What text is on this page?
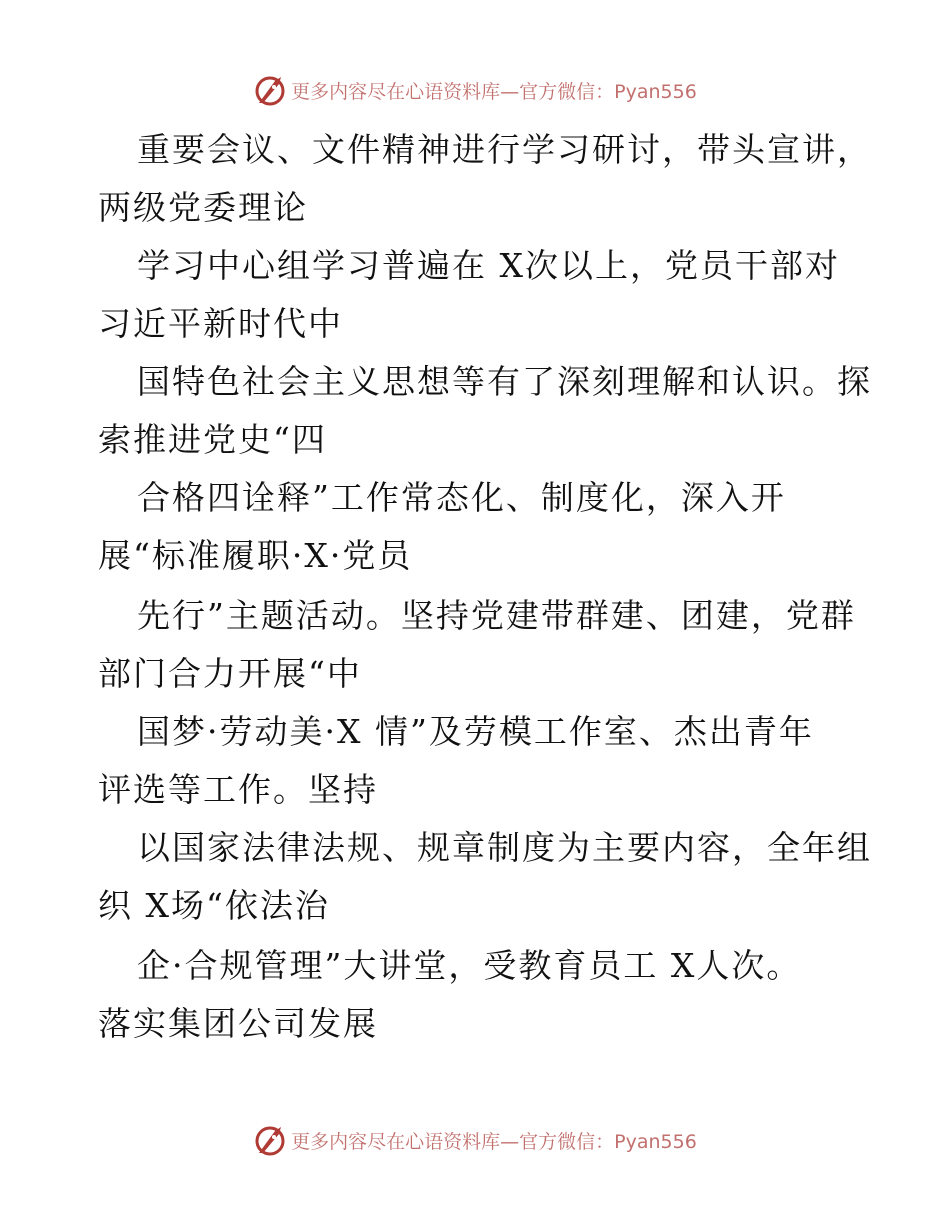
更多内容尽在心语资料库—官方微信：Pyan556
重要会议、文件精神进行学习研讨，带头宣讲，
两级党委理论
学习中心组学习普遍在 X次以上，党员干部对
习近平新时代中
国特色社会主义思想等有了深刻理解和认识。探
索推进党史“四
合格四诠释”工作常态化、制度化，深入开
展“标准履职·X·党员
先行”主题活动。坚持党建带群建、团建，党群
部门合力开展“中
国梦·劳动美·X 情”及劳模工作室、杰出青年
评选等工作。坚持
以国家法律法规、规章制度为主要内容，全年组
织 X场“依法治
企·合规管理”大讲堂，受教育员工 X人次。
落实集团公司发展
更多内容尽在心语资料库—官方微信：Pyan556
